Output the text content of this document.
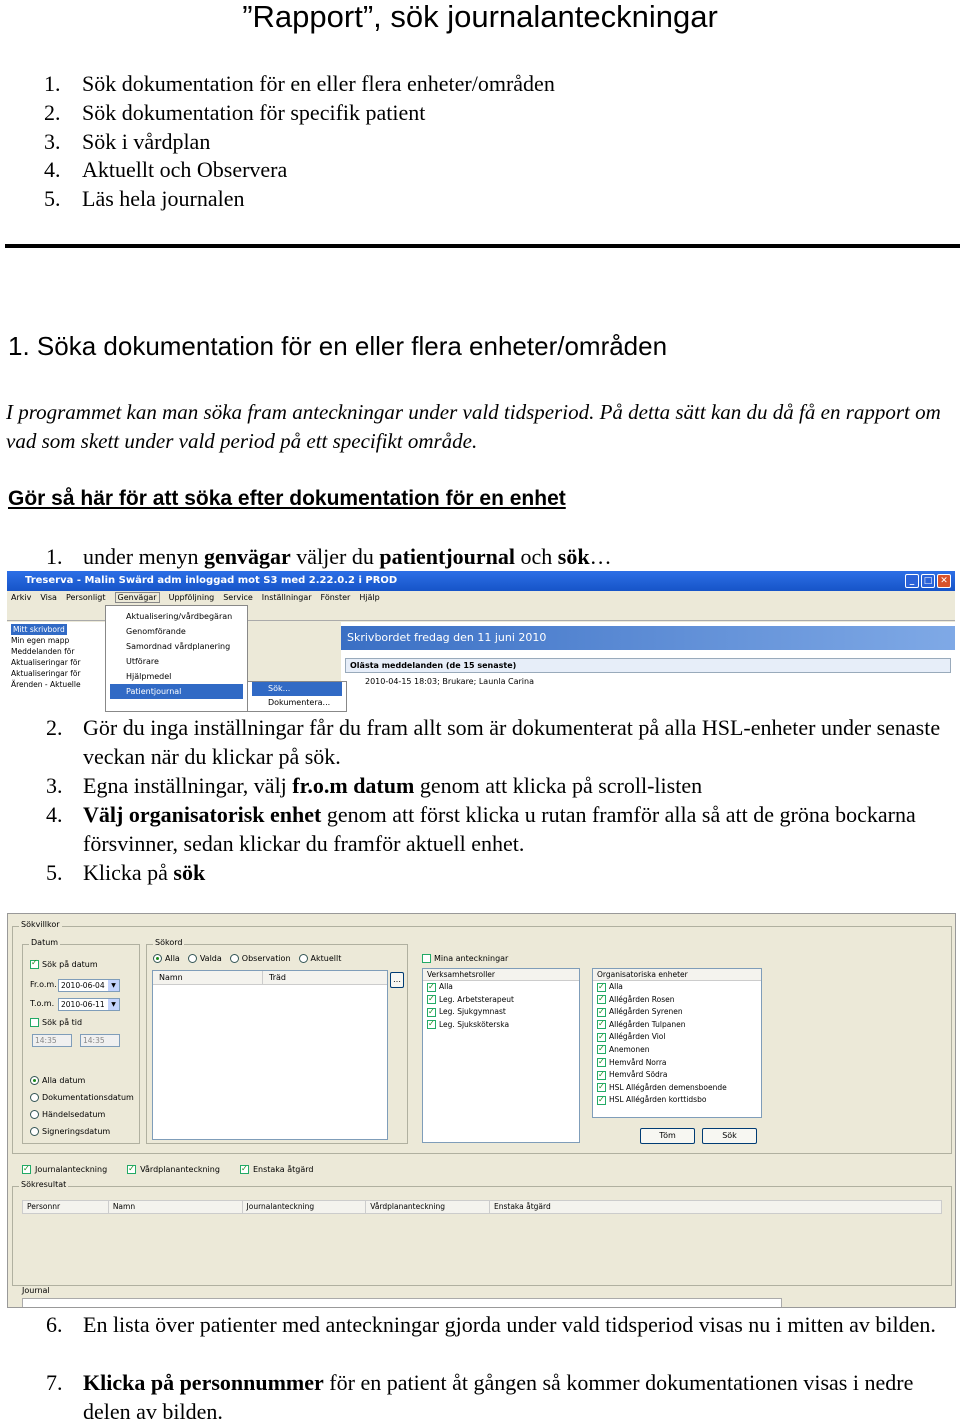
”Rapport”, sök journalanteckningar
1. Sök dokumentation för en eller flera enheter/områden
2. Sök dokumentation för specifik patient
3. Sök i vårdplan
4. Aktuellt och Observera
5. Läs hela journalen
1. Söka dokumentation för en eller flera enheter/områden
I programmet kan man söka fram anteckningar under vald tidsperiod. På detta sätt kan du då få en rapport om vad som skett under vald period på ett specifikt område.
Gör så här för att söka efter dokumentation för en enhet
1. under menyn genvägar väljer du patientjournal och sök…
Treserva - Malin Swärd adm inloggad mot S3 med 2.22.0.2 i PROD	_	□ ✕
Arkiv Visa Personligt Genvägar Uppföljning Service Inställningar Fönster Hjälp
Mitt skrivbord
Min egen mapp
Meddelanden för
Aktualiseringar för
Aktualiseringar för
Ärenden - Aktuelle
Skrivbordet fredag den 11 juni 2010
Olästa meddelanden (de 15 senaste)
2010-04-15 18:03; Brukare; Launla Carina
Aktualisering/vårdbegäran
Genomförande
Samordnad vårdplanering
Utförare
Hjälpmedel
Patientjournal	Sök...
Dokumentera...
2. Gör du inga inställningar får du fram allt som är dokumenterat på alla HSL-enheter under senaste veckan när du klickar på sök.
3. Egna inställningar, välj fr.o.m datum genom att klicka på scroll-listen
4. Välj organisatorisk enhet genom att först klicka u rutan framför alla så att de gröna bockarna försvinner, sedan klickar du framför aktuell enhet.
5. Klicka på sök
Sökvillkor
Datum
✓Sök på datum
Fr.o.m. 2010-06-04	▼
T.o.m. 2010-06-11	▼
Sök på tid
14:35	14:35
Alla datum
Dokumentationsdatum
Händelsedatum
Signeringsdatum
Sökord
Alla	Valda	Observation	Aktuellt
Namn	Träd	…
Mina anteckningar
Verksamhetsroller
✓Alla
✓Leg. Arbetsterapeut
✓Leg. Sjukgymnast
✓Leg. Sjuksköterska
Organisatoriska enheter
✓Alla
✓Allégården Rosen
✓Allégården Syrenen
✓Allégården Tulpanen
✓Allégården Viol
✓Anemonen
✓Hemvård Norra
✓Hemvård Södra
✓HSL Allégården demensboende
✓HSL Allégården korttidsbo
Töm	Sök
✓Journalanteckning ✓	Vårdplananteckning ✓	Enstaka åtgärd
Sökresultat
Personnr	Namn	Journalanteckning	Vårdplananteckning	Enstaka åtgärd
Journal
6. En lista över patienter med anteckningar gjorda under vald tidsperiod visas nu i mitten av bilden.
7. Klicka på personnummer för en patient åt gången så kommer dokumentationen visas i nedre delen av bilden.
